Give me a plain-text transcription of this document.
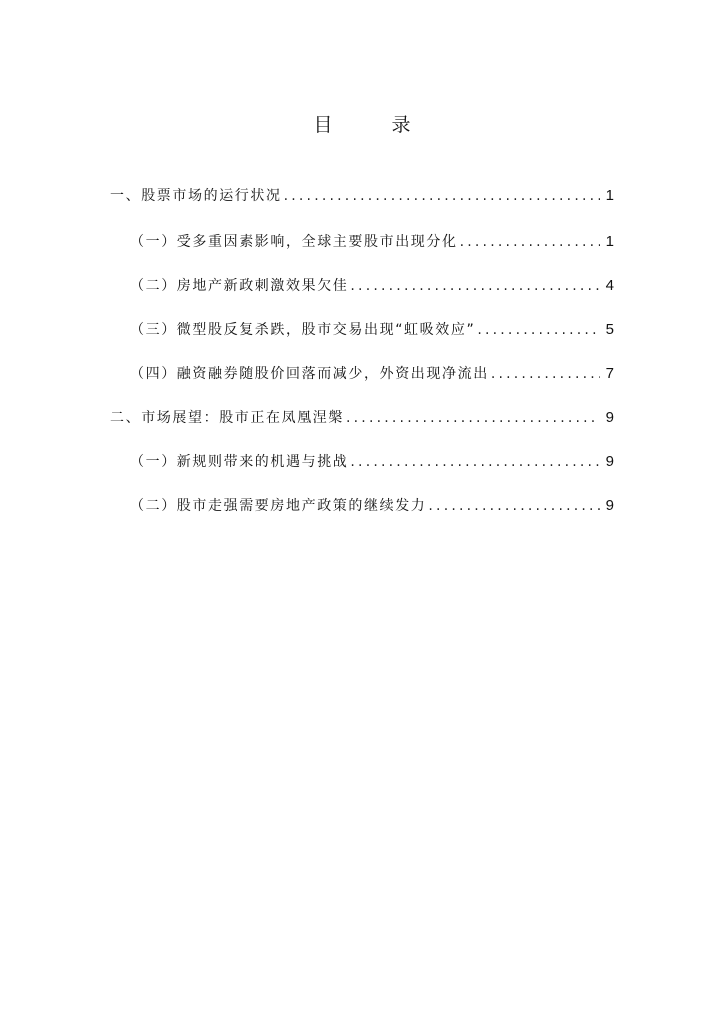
目　录
一、股票市场的运行状况 .....	1
（一）受多重因素影响，全球主要股市出现分化 .....	1
（二）房地产新政刺激效果欠佳 .....	4
（三）微型股反复杀跌，股市交易出现“虹吸效应” .....	5
（四）融资融券随股价回落而减少，外资出现净流出 .....	7
二、市场展望：股市正在凤凰涅槃 .....	9
（一）新规则带来的机遇与挑战 .....	9
（二）股市走强需要房地产政策的继续发力 .....	9
